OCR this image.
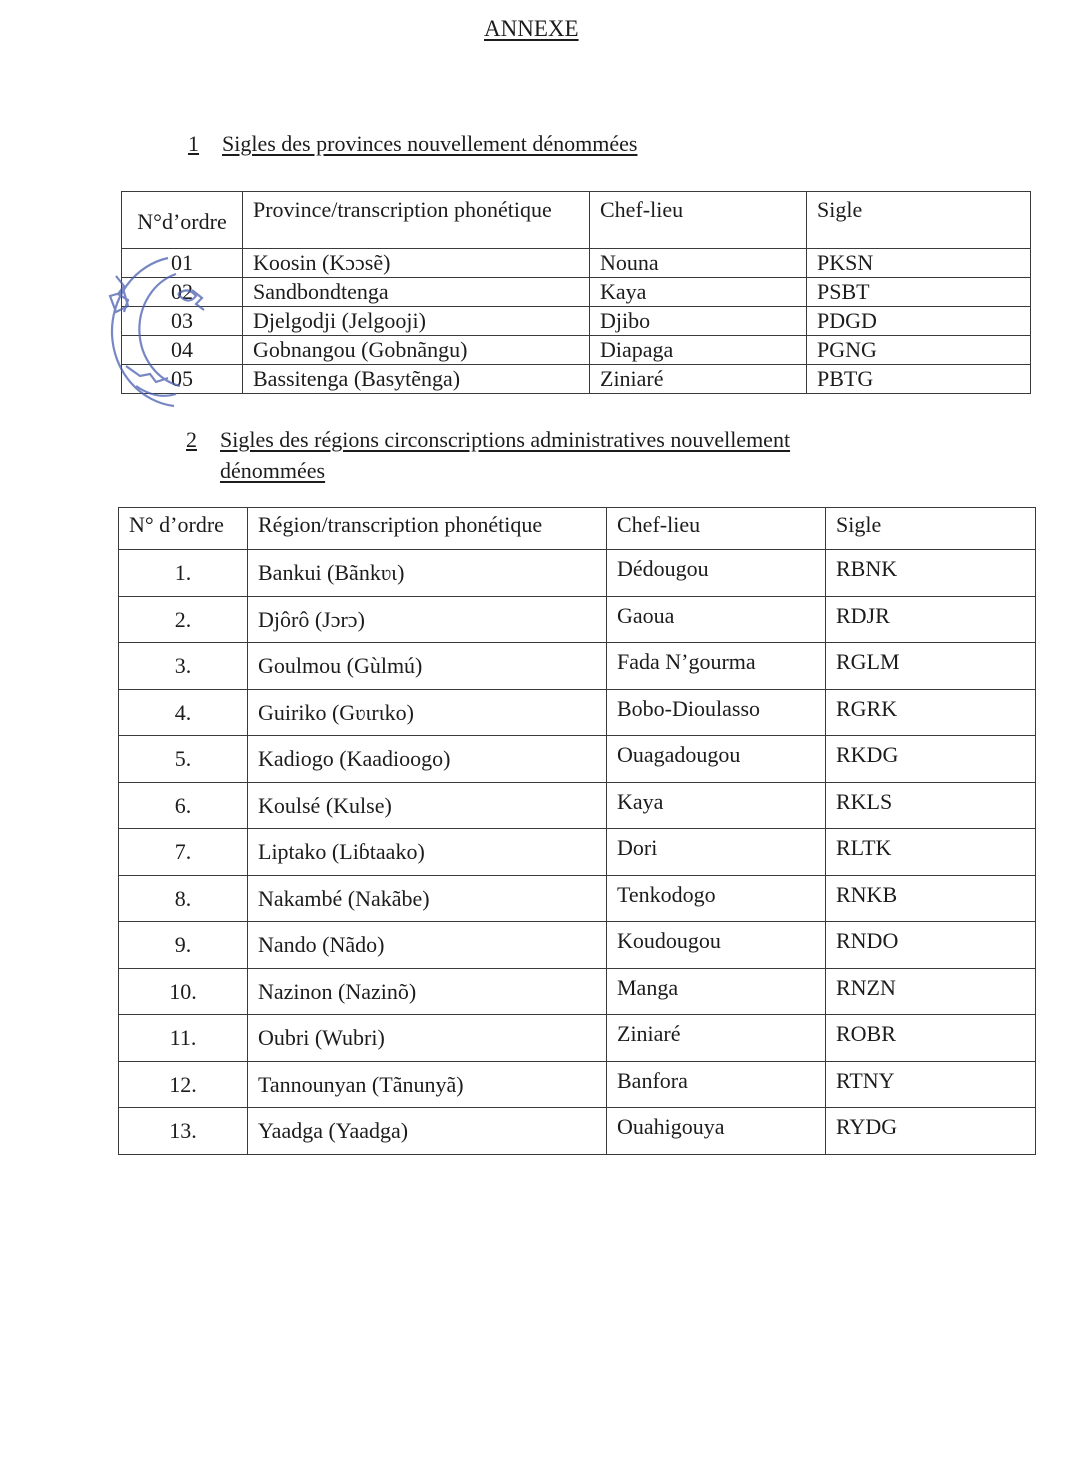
ANNEXE
1 Sigles des provinces nouvellement dénommées
N°d’ordre	Province/transcription phonétique	Chef-lieu	Sigle
01	Koosin (Kɔɔsẽ)	Nouna	PKSN
02	Sandbondtenga	Kaya	PSBT
03	Djelgodji (Jelgooji)	Djibo	PDGD
04	Gobnangou (Gobnãngu)	Diapaga	PGNG
05	Bassitenga (Basytẽnga)	Ziniaré	PBTG
2	Sigles des régions circonscriptions administratives nouvellement dénommées
N° d’ordre	Région/transcription phonétique	Chef-lieu	Sigle
1.	Bankui (Bãnkʋɩ)	Dédougou	RBNK
2.	Djôrô (Jɔrɔ)	Gaoua	RDJR
3.	Goulmou (Gùlmú)	Fada N’gourma	RGLM
4.	Guiriko (Gʋɩrɩko)	Bobo-Dioulasso	RGRK
5.	Kadiogo (Kaadioogo)	Ouagadougou	RKDG
6.	Koulsé (Kulse)	Kaya	RKLS
7.	Liptako (Liɓtaako)	Dori	RLTK
8.	Nakambé (Nakãbe)	Tenkodogo	RNKB
9.	Nando (Nãdo)	Koudougou	RNDO
10.	Nazinon (Nazinõ)	Manga	RNZN
11.	Oubri (Wubri)	Ziniaré	ROBR
12.	Tannounyan (Tãnunyã)	Banfora	RTNY
13.	Yaadga (Yaadga)	Ouahigouya	RYDG
